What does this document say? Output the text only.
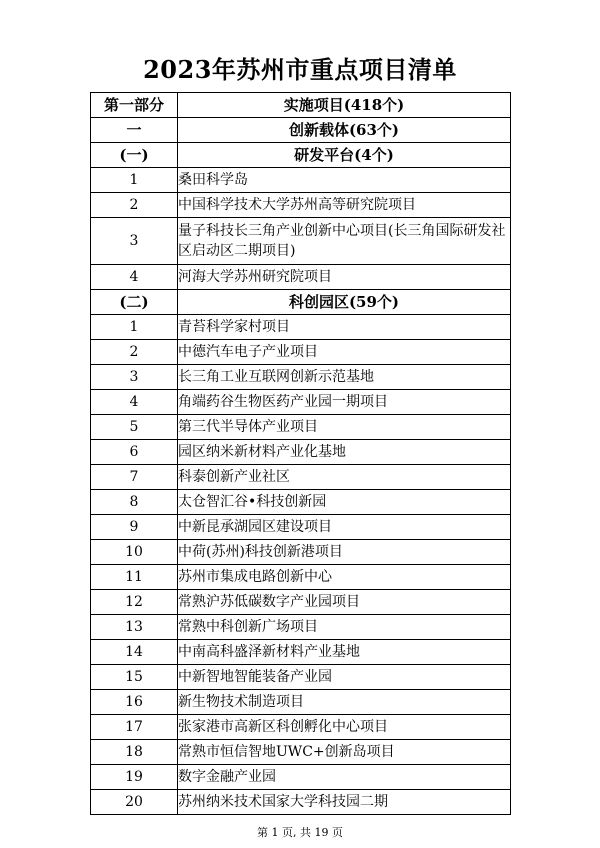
2023年苏州市重点项目清单
第一部分	实施项目(418个)
一	创新载体(63个)
(一)	研发平台(4个)
1	桑田科学岛
2	中国科学技术大学苏州高等研究院项目
3	量子科技长三角产业创新中心项目(长三角国际研发社区启动区二期项目)
4	河海大学苏州研究院项目
(二)	科创园区(59个)
1	青苔科学家村项目
2	中德汽车电子产业项目
3	长三角工业互联网创新示范基地
4	角端药谷生物医药产业园一期项目
5	第三代半导体产业项目
6	园区纳米新材料产业化基地
7	科泰创新产业社区
8	太仓智汇谷•科技创新园
9	中新昆承湖园区建设项目
10	中荷(苏州)科技创新港项目
11	苏州市集成电路创新中心
12	常熟沪苏低碳数字产业园项目
13	常熟中科创新广场项目
14	中南高科盛泽新材料产业基地
15	中新智地智能装备产业园
16	新生物技术制造项目
17	张家港市高新区科创孵化中心项目
18	常熟市恒信智地UWC+创新岛项目
19	数字金融产业园
20	苏州纳米技术国家大学科技园二期
第 1 页, 共 19 页
